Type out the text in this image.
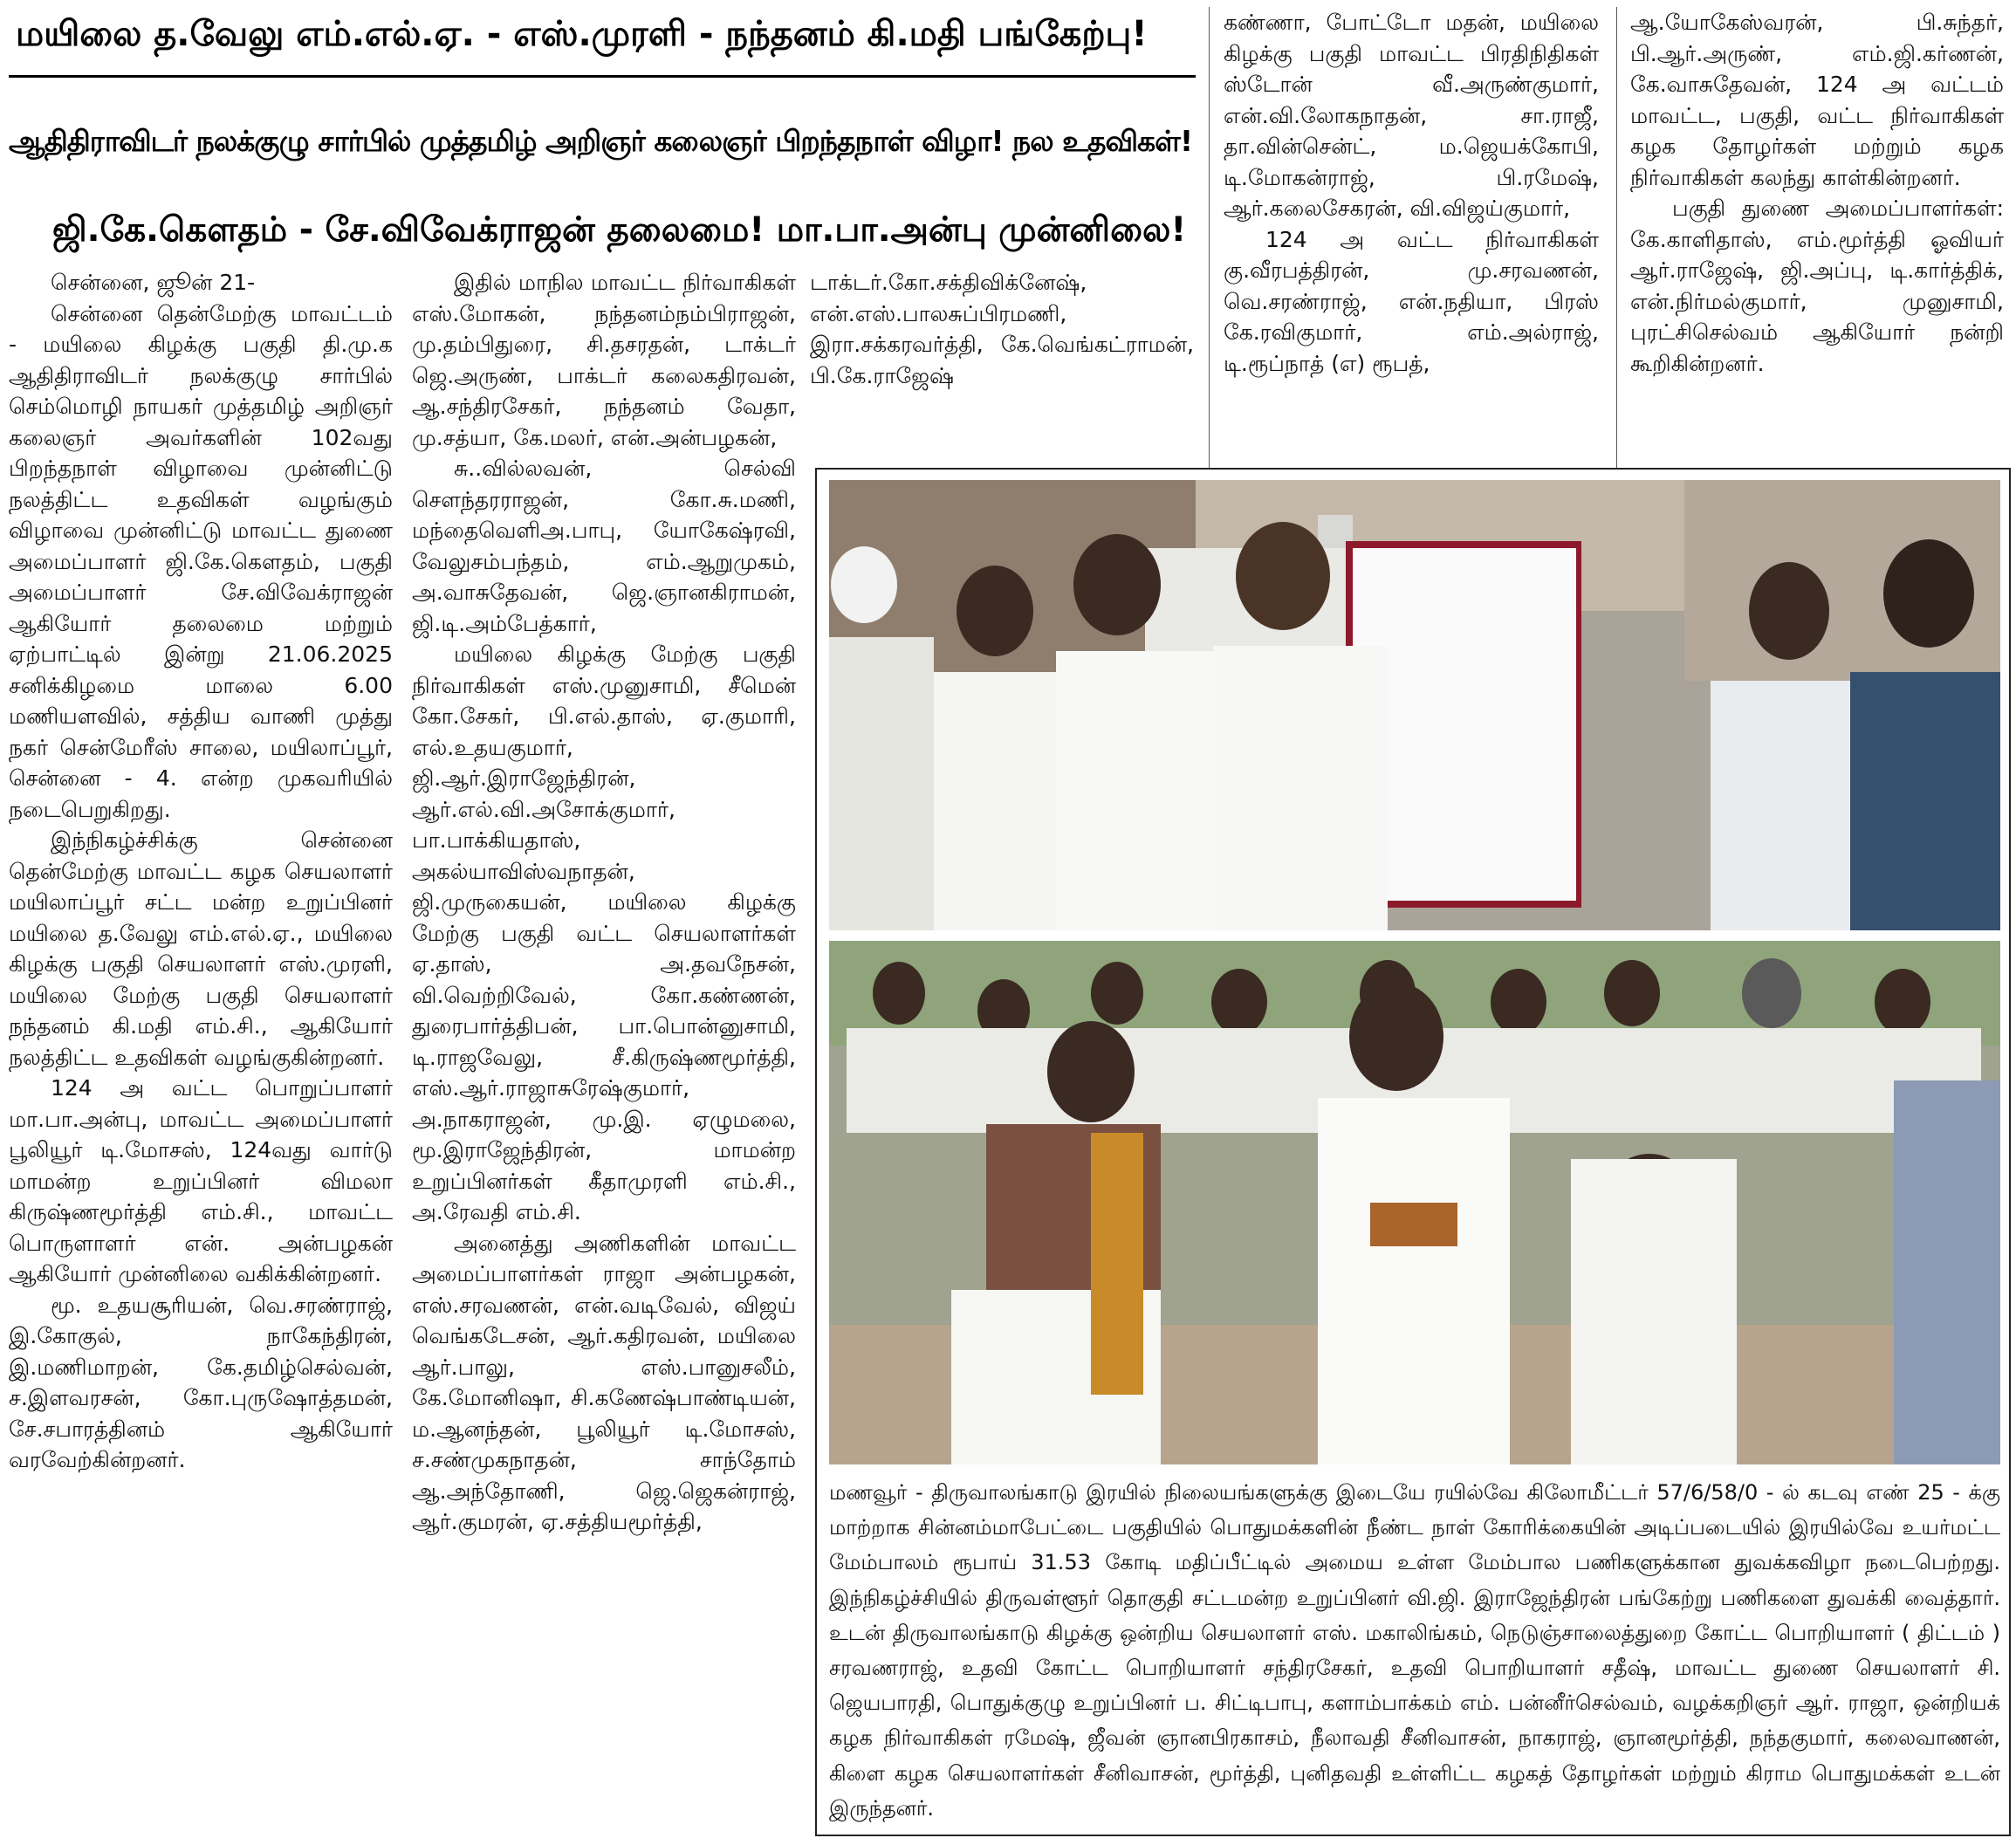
மயிலை த.வேலு எம்.எல்.ஏ. - எஸ்.முரளி - நந்தனம் கி.மதி பங்கேற்பு!
ஆதிதிராவிடர் நலக்குழு சார்பில் முத்தமிழ் அறிஞர் கலைஞர் பிறந்தநாள் விழா! நல உதவிகள்!
ஜி.கே.கௌதம் - சே.விவேக்ராஜன் தலைமை! மா.பா.அன்பு முன்னிலை!

சென்னை, ஜூன் 21-

சென்னை தென்மேற்கு மாவட்டம் - மயிலை கிழக்கு பகுதி தி.மு.க ஆதிதிராவிடர் நலக்குழு சார்பில் செம்மொழி நாயகர் முத்தமிழ் அறிஞர் கலைஞர் அவர்களின் 102வது பிறந்தநாள் விழாவை முன்னிட்டு நலத்திட்ட உதவிகள் வழங்கும் விழாவை முன்னிட்டு மாவட்ட துணை அமைப்பாளர் ஜி.கே.கௌதம், பகுதி அமைப்பாளர் சே.விவேக்ராஜன் ஆகியோர் தலைமை மற்றும் ஏற்பாட்டில் இன்று 21.06.2025 சனிக்கிழமை மாலை 6.00 மணியளவில், சத்திய வாணி முத்து நகர் சென்மேரீஸ் சாலை, மயிலாப்பூர், சென்னை - 4. என்ற முகவரியில் நடைபெறுகிறது.

இந்நிகழ்ச்சிக்கு சென்னை தென்மேற்கு மாவட்ட கழக செயலாளர் மயிலாப்பூர் சட்ட மன்ற உறுப்பினர் மயிலை த.வேலு எம்.எல்.ஏ., மயிலை கிழக்கு பகுதி செயலாளர் எஸ்.முரளி, மயிலை மேற்கு பகுதி செயலாளர் நந்தனம் கி.மதி எம்.சி., ஆகியோர் நலத்திட்ட உதவிகள் வழங்குகின்றனர்.

124 அ வட்ட பொறுப்பாளர் மா.பா.அன்பு, மாவட்ட அமைப்பாளர் பூலியூர் டி.மோசஸ், 124வது வார்டு மாமன்ற உறுப்பினர் விமலா கிருஷ்ணமூர்த்தி எம்.சி., மாவட்ட பொருளாளர் என். அன்பழகன் ஆகியோர் முன்னிலை வகிக்கின்றனர்.

மூ. உதயசூரியன், வெ.சரண்ராஜ், இ.கோகுல், நாகேந்திரன், இ.மணிமாறன், கே.தமிழ்செல்வன், ச.இளவரசன், கோ.புருஷோத்தமன், சே.சபாரத்தினம் ஆகியோர் வரவேற்கின்றனர்.

இதில் மாநில மாவட்ட நிர்வாகிகள் எஸ்.மோகன், நந்தனம்நம்பிராஜன், மு.தம்பிதுரை, சி.தசரதன், டாக்டர் ஜெ.அருண், பாக்டர் கலைகதிரவன், ஆ.சந்திரசேகர், நந்தனம் வேதா, மு.சத்யா, கே.மலர், என்.அன்பழகன்,

சு..வில்லவன், செல்வி சௌந்தரராஜன், கோ.சு.மணி, மந்தைவெளிஅ.பாபு, யோகேஷ்ரவி, வேலுசம்பந்தம், எம்.ஆறுமுகம், அ.வாசுதேவன், ஜெ.ஞானகிராமன், ஜி.டி.அம்பேத்கார்,

மயிலை கிழக்கு மேற்கு பகுதி நிர்வாகிகள் எஸ்.முனுசாமி, சீமென் கோ.சேகர், பி.எல்.தாஸ், ஏ.குமாரி, எல்.உதயகுமார், ஜி.ஆர்.இராஜேந்திரன், ஆர்.எல்.வி.அசோக்குமார், பா.பாக்கியதாஸ், அகல்யாவிஸ்வநாதன், ஜி.முருகையன், மயிலை கிழக்கு மேற்கு பகுதி வட்ட செயலாளர்கள் ஏ.தாஸ், அ.தவநேசன், வி.வெற்றிவேல், கோ.கண்ணன், துரைபார்த்திபன், பா.பொன்னுசாமி, டி.ராஜவேலு, சீ.கிருஷ்ணமூர்த்தி, எஸ்.ஆர்.ராஜாசுரேஷ்குமார், அ.நாகராஜன், மு.இ. ஏழுமலை, மூ.இராஜேந்திரன், மாமன்ற உறுப்பினர்கள் கீதாமுரளி எம்.சி., அ.ரேவதி எம்.சி.

அனைத்து அணிகளின் மாவட்ட அமைப்பாளர்கள் ராஜா அன்பழகன், எஸ்.சரவணன், என்.வடிவேல், விஜய் வெங்கடேசன், ஆர்.கதிரவன், மயிலை ஆர்.பாலு, எஸ்.பானுசலீம், கே.மோனிஷா, சி.கணேஷ்பாண்டியன், ம.ஆனந்தன், பூலியூர் டி.மோசஸ், ச.சண்முகநாதன், சாந்தோம் ஆ.அந்தோணி, ஜெ.ஜெகன்ராஜ், ஆர்.குமரன், ஏ.சத்தியமூர்த்தி,

டாக்டர்.கோ.சக்திவிக்னேஷ், என்.எஸ்.பாலசுப்பிரமணி, இரா.சக்கரவர்த்தி, கே.வெங்கட்ராமன், பி.கே.ராஜேஷ்

கண்ணா, போட்டோ மதன், மயிலை கிழக்கு பகுதி மாவட்ட பிரதிநிதிகள் ஸ்டோன் வீ.அருண்குமார், என்.வி.லோகநாதன், சா.ராஜீ, தா.வின்சென்ட், ம.ஜெயக்கோபி, டி.மோகன்ராஜ், பி.ரமேஷ், ஆர்.கலைசேகரன், வி.விஜய்குமார்,

124 அ வட்ட நிர்வாகிகள் கு.வீரபத்திரன், மு.சரவணன், வெ.சரண்ராஜ், என்.நதியா, பிரஸ் கே.ரவிகுமார், எம்.அல்ராஜ், டி.ரூப்நாத் (எ) ரூபத்,

ஆ.யோகேஸ்வரன், பி.சுந்தர், பி.ஆர்.அருண், எம்.ஜி.கர்ணன், கே.வாசுதேவன், 124 அ வட்டம் மாவட்ட, பகுதி, வட்ட நிர்வாகிகள் கழக தோழர்கள் மற்றும் கழக நிர்வாகிகள் கலந்து காள்கின்றனர்.

பகுதி துணை அமைப்பாளர்கள்: கே.காளிதாஸ், எம்.மூர்த்தி ஓவியர் ஆர்.ராஜேஷ், ஜி.அப்பு, டி.கார்த்திக், என்.நிர்மல்குமார், முனுசாமி, புரட்சிசெல்வம் ஆகியோர் நன்றி கூறிகின்றனர்.

மணவூர் - திருவாலங்காடு இரயில் நிலையங்களுக்கு இடையே ரயில்வே கிலோமீட்டர் 57/6/58/0 - ல் கடவு எண் 25 - க்கு மாற்றாக சின்னம்மாபேட்டை பகுதியில் பொதுமக்களின் நீண்ட நாள் கோரிக்கையின் அடிப்படையில் இரயில்வே உயர்மட்ட மேம்பாலம் ரூபாய் 31.53 கோடி மதிப்பீட்டில் அமைய உள்ள மேம்பால பணிகளுக்கான துவக்கவிழா நடைபெற்றது. இந்நிகழ்ச்சியில் திருவள்ளூர் தொகுதி சட்டமன்ற உறுப்பினர் வி.ஜி. இராஜேந்திரன் பங்கேற்று பணிகளை துவக்கி வைத்தார். உடன் திருவாலங்காடு கிழக்கு ஒன்றிய செயலாளர் எஸ். மகாலிங்கம், நெடுஞ்சாலைத்துறை கோட்ட பொறியாளர் ( திட்டம் ) சரவணராஜ், உதவி கோட்ட பொறியாளர் சந்திரசேகர், உதவி பொறியாளர் சதீஷ், மாவட்ட துணை செயலாளர் சி. ஜெயபாரதி, பொதுக்குழு உறுப்பினர் ப. சிட்டிபாபு, களாம்பாக்கம் எம். பன்னீர்செல்வம், வழக்கறிஞர் ஆர். ராஜா, ஒன்றியக் கழக நிர்வாகிகள் ரமேஷ், ஜீவன் ஞானபிரகாசம், நீலாவதி சீனிவாசன், நாகராஜ், ஞானமூர்த்தி, நந்தகுமார், கலைவாணன், கிளை கழக செயலாளர்கள் சீனிவாசன், மூர்த்தி, புனிதவதி உள்ளிட்ட கழகத் தோழர்கள் மற்றும் கிராம பொதுமக்கள் உடன் இருந்தனர்.
